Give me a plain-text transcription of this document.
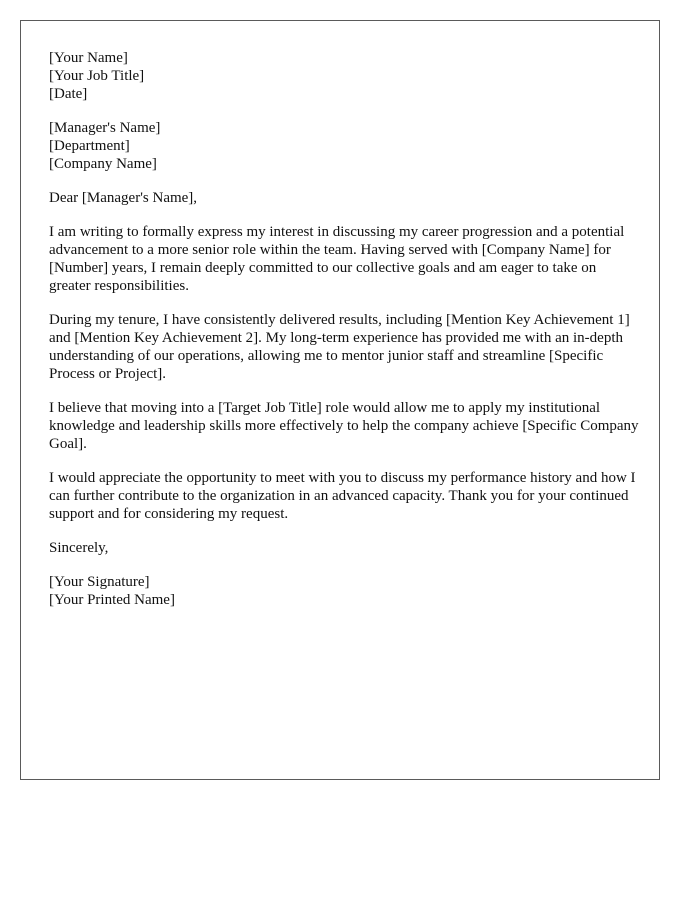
[Your Name]
[Your Job Title]
[Date]
[Manager's Name]
[Department]
[Company Name]

Dear [Manager's Name],

I am writing to formally express my interest in discussing my career progression and a potential advancement to a more senior role within the team. Having served with [Company Name] for [Number] years, I remain deeply committed to our collective goals and am eager to take on greater responsibilities.

During my tenure, I have consistently delivered results, including [Mention Key Achievement 1] and [Mention Key Achievement 2]. My long-term experience has provided me with an in-depth understanding of our operations, allowing me to mentor junior staff and streamline [Specific Process or Project].

I believe that moving into a [Target Job Title] role would allow me to apply my institutional knowledge and leadership skills more effectively to help the company achieve [Specific Company Goal].

I would appreciate the opportunity to meet with you to discuss my performance history and how I can further contribute to the organization in an advanced capacity. Thank you for your continued support and for considering my request.

Sincerely,

[Your Signature]
[Your Printed Name]
